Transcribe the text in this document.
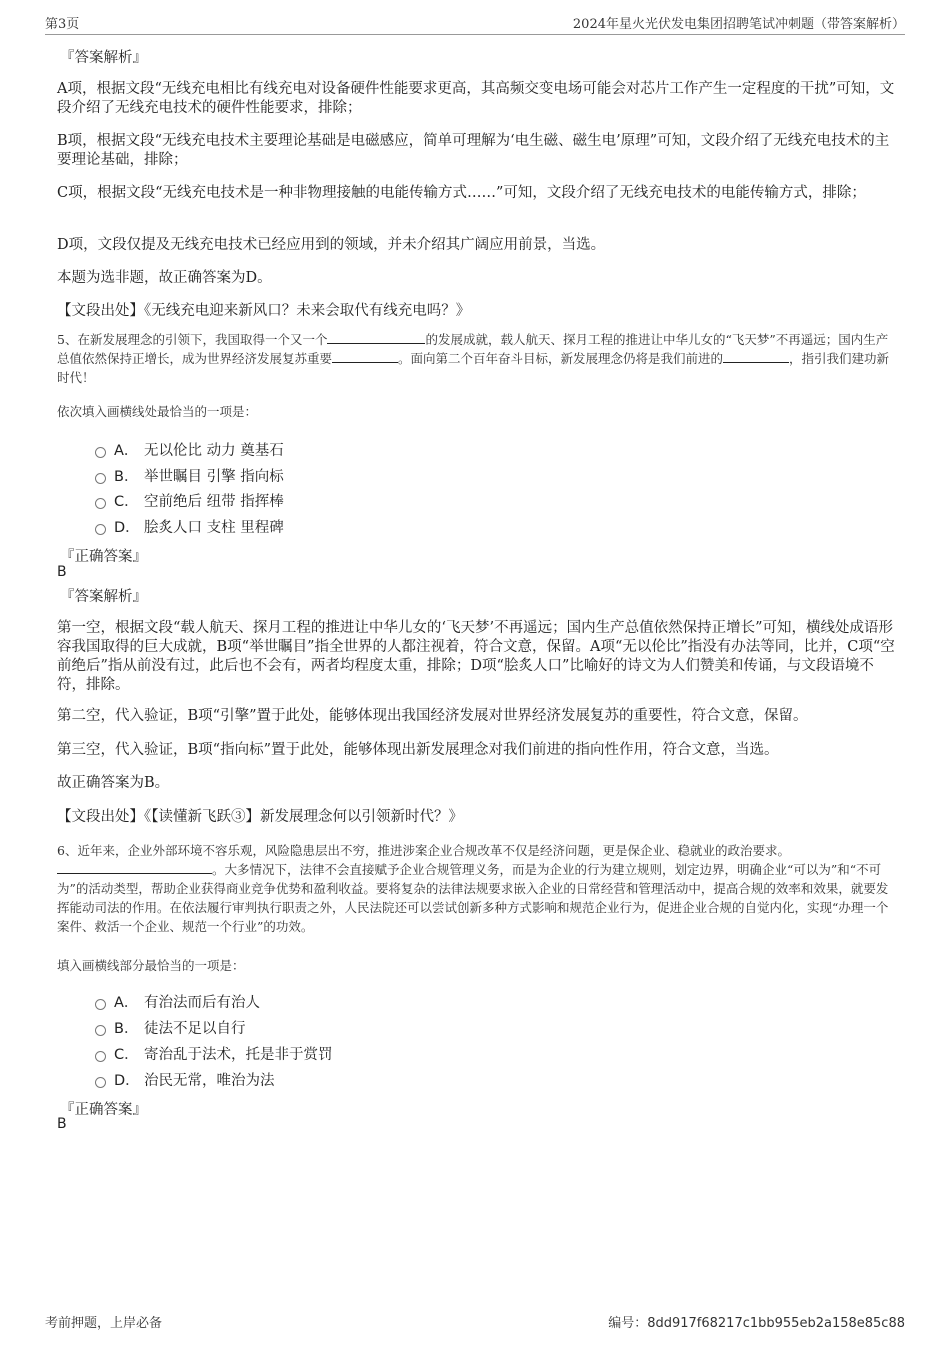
第3页	2024年星火光伏发电集团招聘笔试冲刺题（带答案解析）
『答案解析』

A项，根据文段“无线充电相比有线充电对设备硬件性能要求更高，其高频交变电场可能会对芯片工作产生一定程度的干扰”可知，文段介绍了无线充电技术的硬件性能要求，排除；

B项，根据文段“无线充电技术主要理论基础是电磁感应，简单可理解为‘电生磁、磁生电’原理”可知，文段介绍了无线充电技术的主要理论基础，排除；

C项，根据文段“无线充电技术是一种非物理接触的电能传输方式……”可知，文段介绍了无线充电技术的电能传输方式，排除；

D项，文段仅提及无线充电技术已经应用到的领域，并未介绍其广阔应用前景，当选。

本题为选非题，故正确答案为D。

【文段出处】《无线充电迎来新风口？未来会取代有线充电吗？》

5、在新发展理念的引领下，我国取得一个又一个	的发展成就，载人航天、探月工程的推进让中华儿女的“飞天梦”不再遥远；国内生产总值依然保持正增长，成为世界经济发展复苏重要	。面向第二个百年奋斗目标，新发展理念仍将是我们前进的	，指引我们建功新时代！

依次填入画横线处最恰当的一项是：

A． 无以伦比 动力 奠基石
B． 举世瞩目 引擎 指向标
C． 空前绝后 纽带 指挥棒
D． 脍炙人口 支柱 里程碑
『正确答案』
B
『答案解析』

第一空，根据文段“载人航天、探月工程的推进让中华儿女的‘飞天梦’不再遥远；国内生产总值依然保持正增长”可知，横线处成语形容我国取得的巨大成就，B项“举世瞩目”指全世界的人都注视着，符合文意，保留。A项“无以伦比”指没有办法等同，比并，C项“空前绝后”指从前没有过，此后也不会有，两者均程度太重，排除；D项“脍炙人口”比喻好的诗文为人们赞美和传诵，与文段语境不符，排除。

第二空，代入验证，B项“引擎”置于此处，能够体现出我国经济发展对世界经济发展复苏的重要性，符合文意，保留。

第三空，代入验证，B项“指向标”置于此处，能够体现出新发展理念对我们前进的指向性作用，符合文意，当选。

故正确答案为B。

【文段出处】《【读懂新飞跃③】新发展理念何以引领新时代？》

6、近年来，企业外部环境不容乐观，风险隐患层出不穷，推进涉案企业合规改革不仅是经济问题，更是保企业、稳就业的政治要求。。大多情况下，法律不会直接赋予企业合规管理义务，而是为企业的行为建立规则，划定边界，明确企业“可以为”和“不可为”的活动类型，帮助企业获得商业竞争优势和盈利收益。要将复杂的法律法规要求嵌入企业的日常经营和管理活动中，提高合规的效率和效果，就要发挥能动司法的作用。在依法履行审判执行职责之外，人民法院还可以尝试创新多种方式影响和规范企业行为，促进企业合规的自觉内化，实现“办理一个案件、救活一个企业、规范一个行业”的功效。

填入画横线部分最恰当的一项是：

A． 有治法而后有治人
B． 徒法不足以自行
C． 寄治乱于法术，托是非于赏罚
D． 治民无常，唯治为法
『正确答案』
B
考前押题，上岸必备	编号：8dd917f68217c1bb955eb2a158e85c88
